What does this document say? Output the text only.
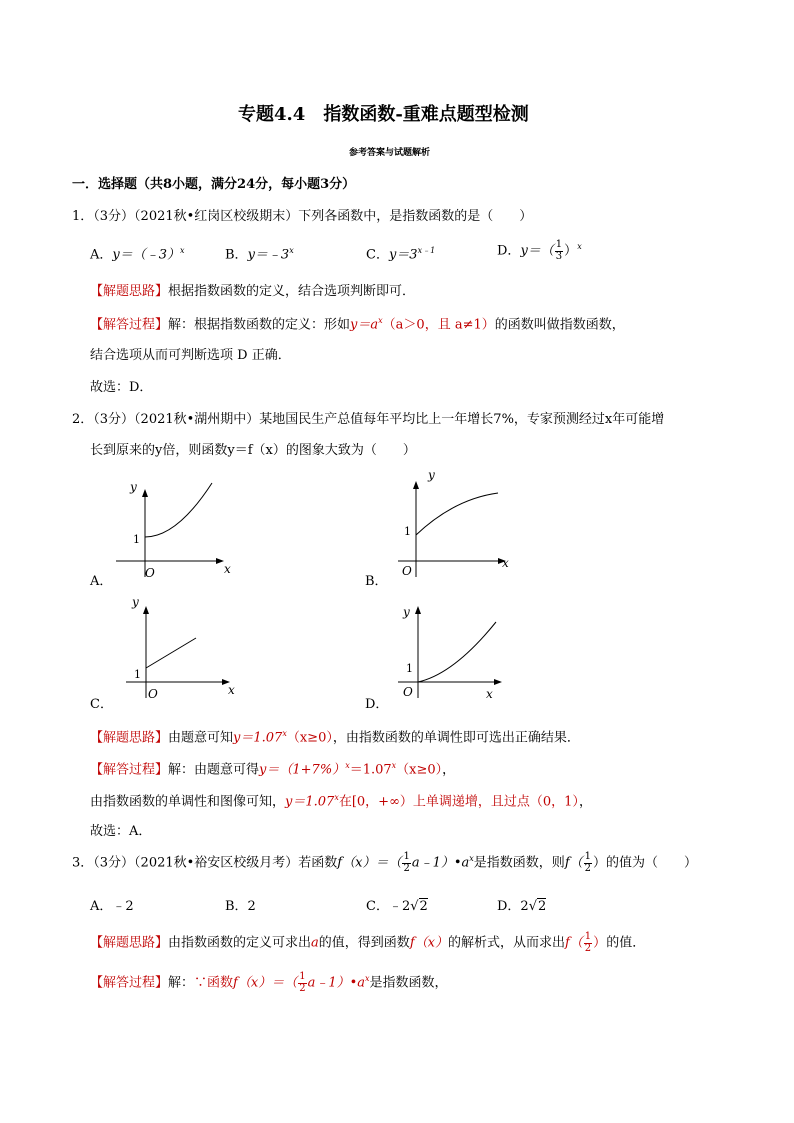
专题4.4　指数函数-重难点题型检测
参考答案与试题解析
一．选择题（共8小题，满分24分，每小题3分）
1．（3分）（2021秋•红岗区校级期末）下列各函数中，是指数函数的是（　　）
A．y＝（﹣3）$^x$	B．$y=﹣3^x$	C．$y=3^{x﹣1}$	D．$y=( \frac{1}{3} )^x$
【解题思路】根据指数函数的定义，结合选项判断即可．
【解答过程】解：根据指数函数的定义：形如$y=a^x(a>0$，且 a≠1）的函数叫做指数函数，
结合选项从而可判断选项 D 正确．
故选：D．
2．（3分）（2021秋•湖州期中）某地国民生产总值每年平均比上一年增长7%，专家预测经过x年可能增
长到原来的y倍，则函数y＝f（x）的图象大致为（　　）
y
x
O
1
A．
y
x
O
1
B．
y
x
O
1
C．
y
x
O
1
D．
【解题思路】由题意可知$y=1.07^x(x\ge 0)$，由指数函数的单调性即可选出正确结果．
【解答过程】解：由题意可得$y=(1+7\%)^x=1.07^x(x\ge 0)$，
由指数函数的单调性和图像可知，$y=1.07^x$在[0，+∞）上单调递增，且过点（0，1），
故选：A．
3．（3分）（2021秋•裕安区校级月考）若函数$f(x)=( \frac{1}{2}$ $a﹣1)•a^x$是指数函数，则$f( \frac{1}{2}$ ）的值为（　　）
A．﹣2	B．2	C．﹣2√2	D．2√2
【解题思路】由指数函数的定义可求出a的值，得到函数f（x）的解析式，从而求出$f( \frac{1}{2}$ ）的值．
【解答过程】解：∵函数$f(x)=( \frac{1}{2}$ $a﹣1)•a^x$是指数函数，
